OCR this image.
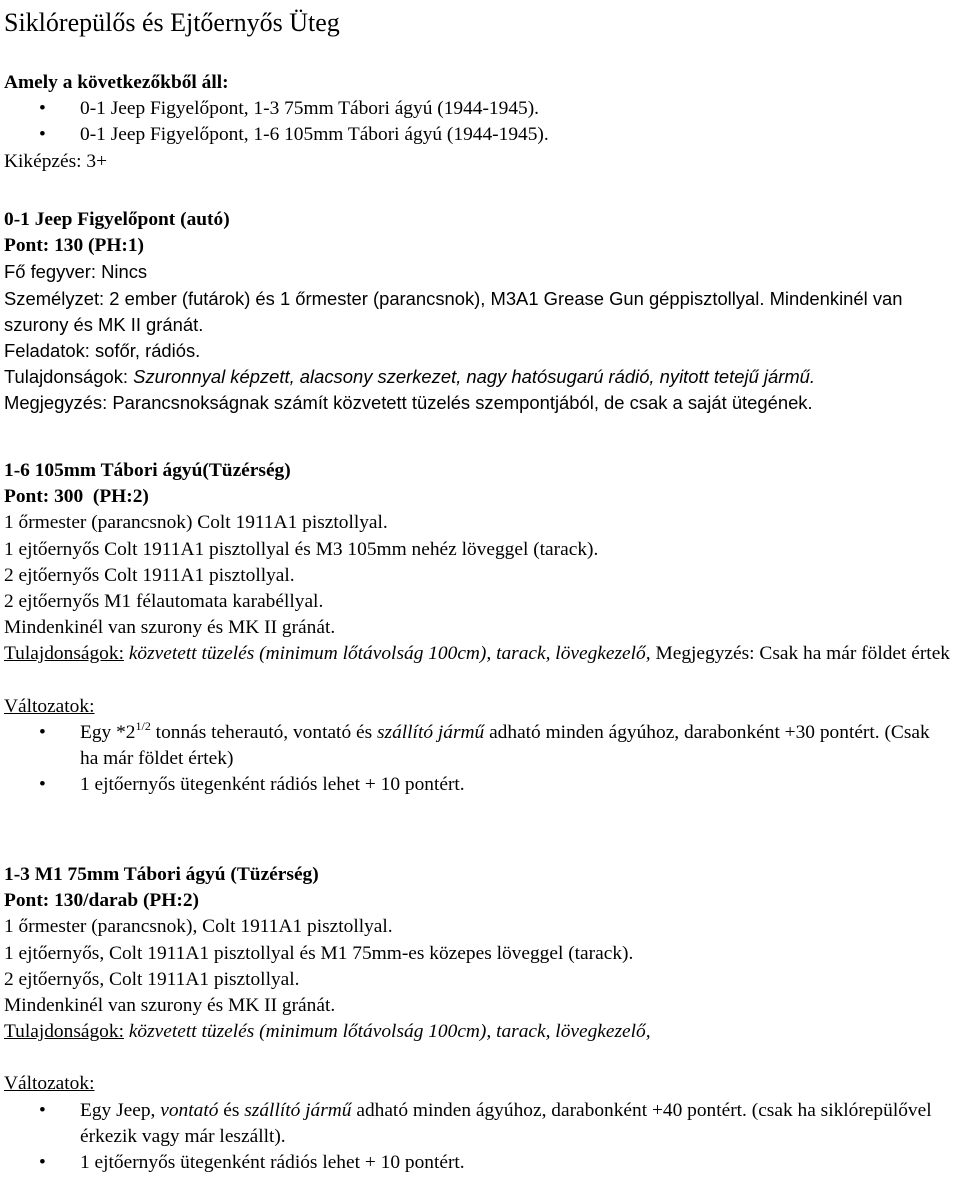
Siklórepülős és Ejtőernyős Üteg
Amely a következőkből áll:
• 0-1 Jeep Figyelőpont, 1-3 75mm Tábori ágyú (1944-1945).
• 0-1 Jeep Figyelőpont, 1-6 105mm Tábori ágyú (1944-1945).
Kiképzés: 3+
0-1 Jeep Figyelőpont (autó)
Pont: 130 (PH:1)
Fő fegyver: Nincs
Személyzet: 2 ember (futárok) és 1 őrmester (parancsnok), M3A1 Grease Gun géppisztollyal. Mindenkinél van szurony és MK II gránát.
Feladatok: sofőr, rádiós.
Tulajdonságok: Szuronnyal képzett, alacsony szerkezet, nagy hatósugarú rádió, nyitott tetejű jármű.
Megjegyzés: Parancsnokságnak számít közvetett tüzelés szempontjából, de csak a saját ütegének.
1-6 105mm Tábori ágyú(Tüzérség)
Pont: 300  (PH:2)
1 őrmester (parancsnok) Colt 1911A1 pisztollyal.
1 ejtőernyős Colt 1911A1 pisztollyal és M3 105mm nehéz löveggel (tarack).
2 ejtőernyős Colt 1911A1 pisztollyal.
2 ejtőernyős M1 félautomata karabéllyal.
Mindenkinél van szurony és MK II gránát.
Tulajdonságok: közvetett tüzelés (minimum lőtávolság 100cm), tarack, lövegkezelő, Megjegyzés: Csak ha már földet értek
Változatok:
• Egy $*2^{1/2}$ tonnás teherautó, vontató és szállító jármű adható minden ágyúhoz, darabonként +30 pontért. (Csak ha már földet értek)
• 1 ejtőernyős ütegenként rádiós lehet + 10 pontért.
1-3 M1 75mm Tábori ágyú (Tüzérség)
Pont: 130/darab (PH:2)
1 őrmester (parancsnok), Colt 1911A1 pisztollyal.
1 ejtőernyős, Colt 1911A1 pisztollyal és M1 75mm-es közepes löveggel (tarack).
2 ejtőernyős, Colt 1911A1 pisztollyal.
Mindenkinél van szurony és MK II gránát.
Tulajdonságok: közvetett tüzelés (minimum lőtávolság 100cm), tarack, lövegkezelő,
Változatok:
• Egy Jeep, vontató és szállító jármű adható minden ágyúhoz, darabonként +40 pontért. (csak ha siklórepülővel érkezik vagy már leszállt).
• 1 ejtőernyős ütegenként rádiós lehet + 10 pontért.
